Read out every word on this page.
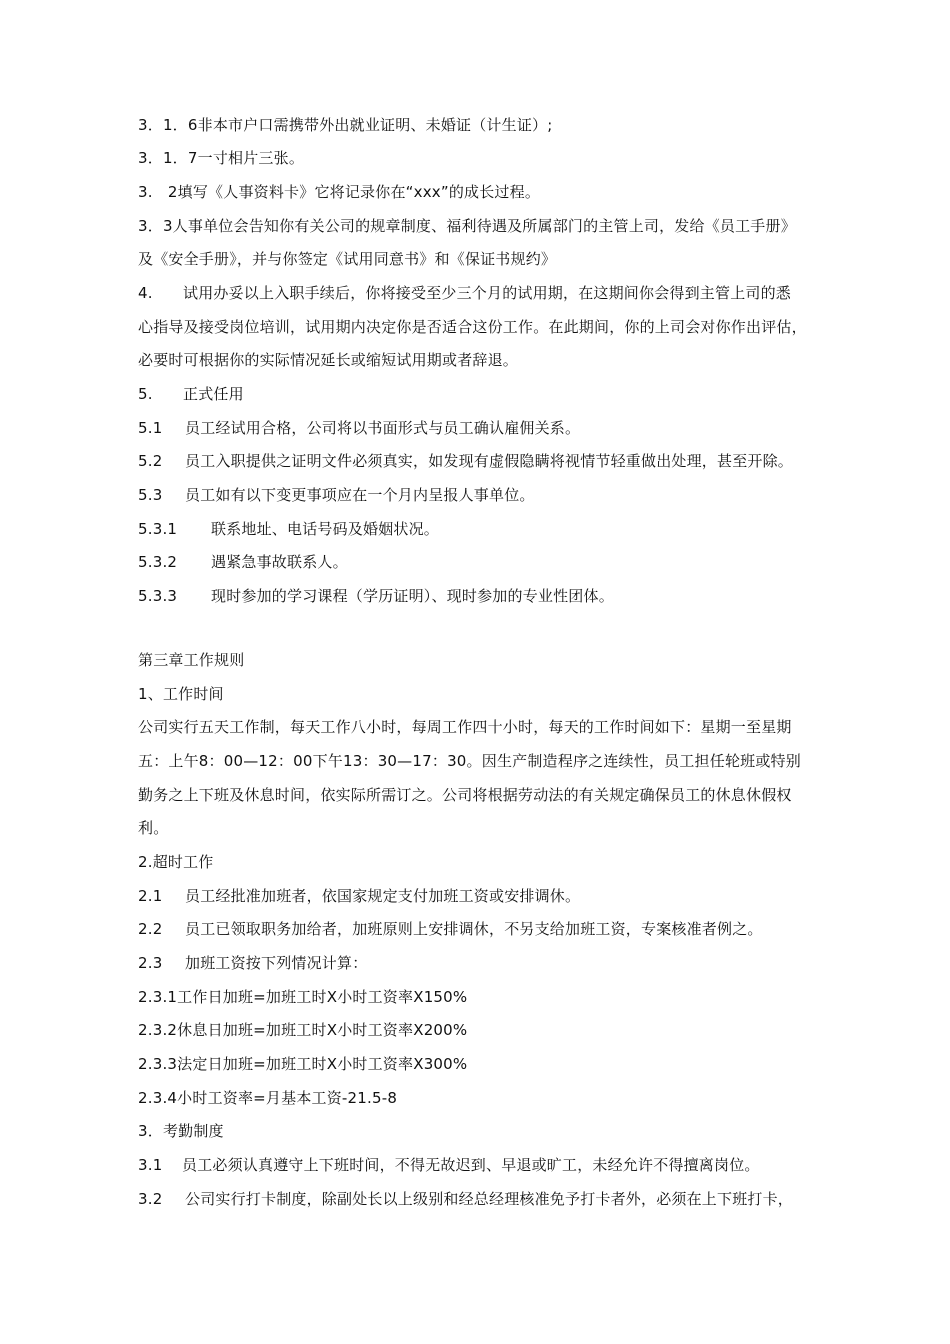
3．1．6非本市户口需携带外出就业证明、未婚证（计生证）;
3．1．7一寸相片三张。
3.　2填写《人事资料卡》它将记录你在“xxx”的成长过程。
3．3人事单位会告知你有关公司的规章制度、福利待遇及所属部门的主管上司，发给《员工手册》
及《安全手册》，并与你签定《试用同意书》和《保证书规约》
4. 试用办妥以上入职手续后，你将接受至少三个月的试用期，在这期间你会得到主管上司的悉
心指导及接受岗位培训，试用期内决定你是否适合这份工作。在此期间，你的上司会对你作出评估，
必要时可根据你的实际情况延长或缩短试用期或者辞退。
5. 正式任用
5.1 员工经试用合格，公司将以书面形式与员工确认雇佣关系。
5.2 员工入职提供之证明文件必须真实，如发现有虚假隐瞒将视情节轻重做出处理，甚至开除。
5.3 员工如有以下变更事项应在一个月内呈报人事单位。
5.3.1 联系地址、电话号码及婚姻状况。
5.3.2 遇紧急事故联系人。
5.3.3 现时参加的学习课程（学历证明）、现时参加的专业性团体。
第三章工作规则
1、工作时间
公司实行五天工作制，每天工作八小时，每周工作四十小时，每天的工作时间如下：星期一至星期
五：上午8：00—12：00下午13：30—17：30。因生产制造程序之连续性，员工担任轮班或特别
勤务之上下班及休息时间，依实际所需订之。公司将根据劳动法的有关规定确保员工的休息休假权
利。
2.超时工作
2.1 员工经批准加班者，依国家规定支付加班工资或安排调休。
2.2 员工已领取职务加给者，加班原则上安排调休，不另支给加班工资，专案核准者例之。
2.3 加班工资按下列情况计算：
2.3.1工作日加班=加班工时X小时工资率X150%
2.3.2休息日加班=加班工时X小时工资率X200%
2.3.3法定日加班=加班工时X小时工资率X300%
2.3.4小时工资率=月基本工资-21.5-8
3．考勤制度
3.1 员工必须认真遵守上下班时间，不得无故迟到、早退或旷工，未经允许不得擅离岗位。
3.2 公司实行打卡制度，除副处长以上级别和经总经理核准免予打卡者外，必须在上下班打卡，
